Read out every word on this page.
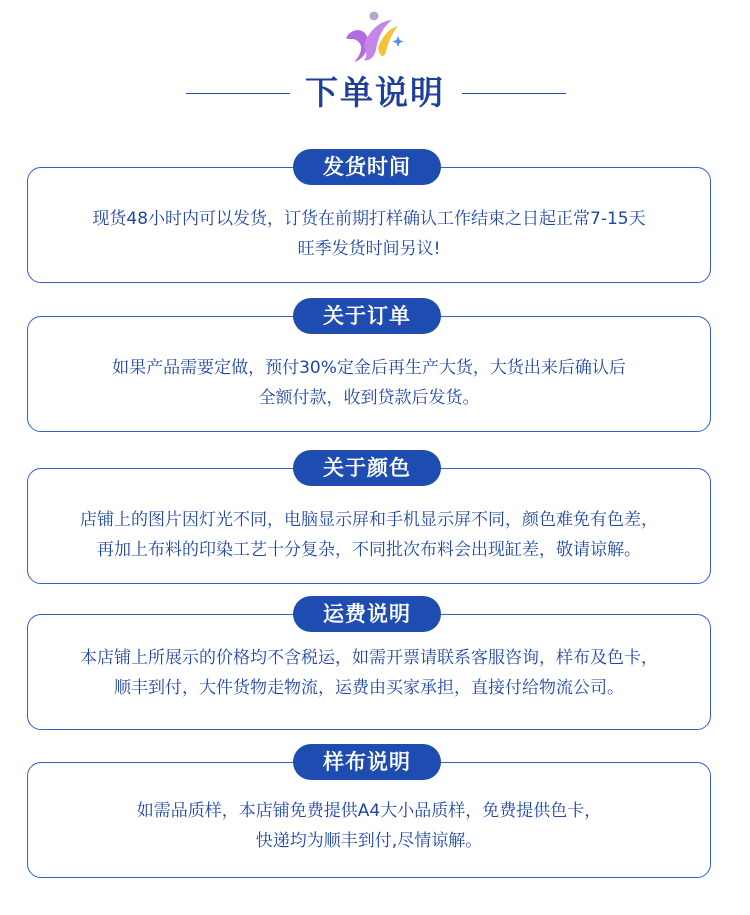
下单说明
发货时间
现货48小时内可以发货，订货在前期打样确认工作结束之日起正常7-15天
旺季发货时间另议!
关于订单
如果产品需要定做，预付30%定金后再生产大货，大货出来后确认后
全额付款，收到贷款后发货。
关于颜色
店铺上的图片因灯光不同，电脑显示屏和手机显示屏不同，颜色难免有色差，
再加上布料的印染工艺十分复杂，不同批次布料会出现缸差，敬请谅解。
运费说明
本店铺上所展示的价格均不含税运，如需开票请联系客服咨询，样布及色卡，
顺丰到付，大件货物走物流，运费由买家承担，直接付给物流公司。
样布说明
如需品质样，本店铺免费提供A4大小品质样，免费提供色卡，
快递均为顺丰到付,尽情谅解。
